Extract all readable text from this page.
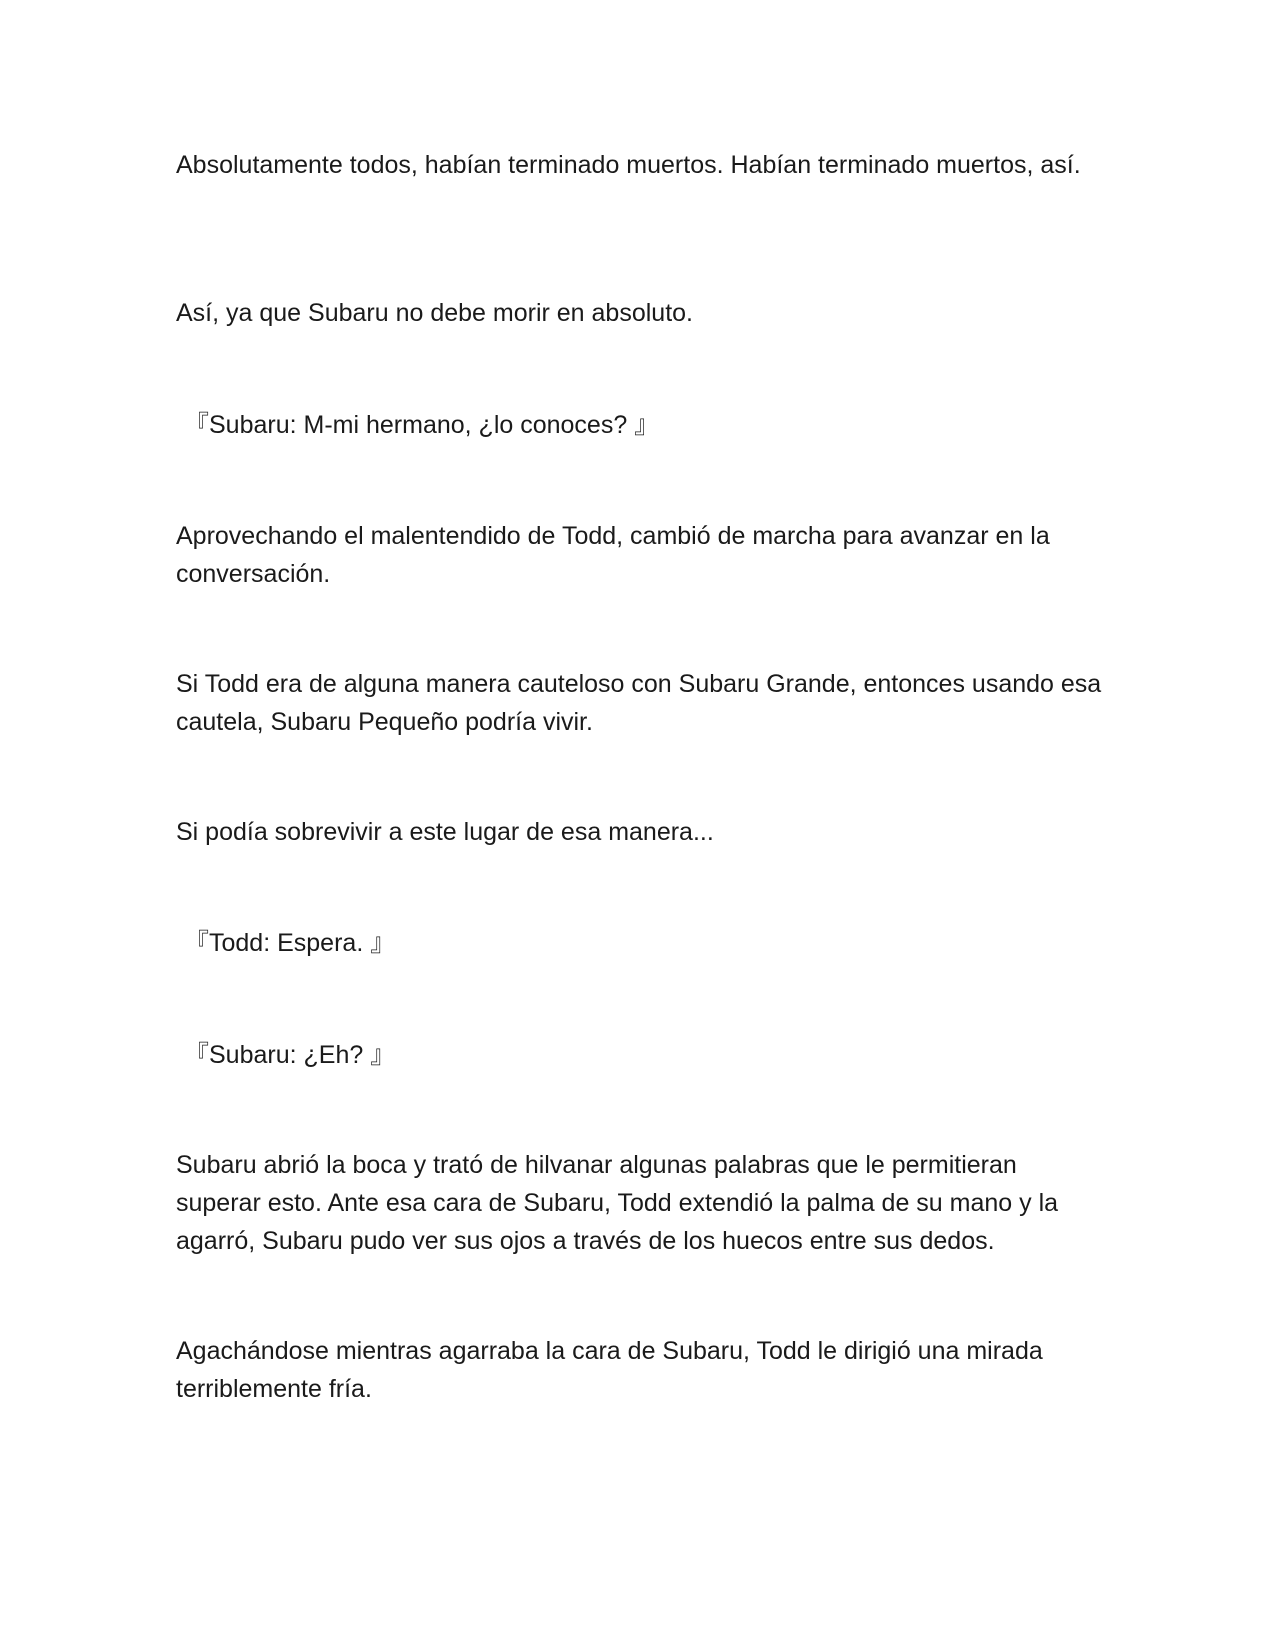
Absolutamente todos, habían terminado muertos. Habían terminado muertos, así.

Así, ya que Subaru no debe morir en absoluto.

『Subaru: M-mi hermano, ¿lo conoces? 』

Aprovechando el malentendido de Todd, cambió de marcha para avanzar en la conversación.

Si Todd era de alguna manera cauteloso con Subaru Grande, entonces usando esa cautela, Subaru Pequeño podría vivir.

Si podía sobrevivir a este lugar de esa manera...

『Todd: Espera. 』

『Subaru: ¿Eh? 』

Subaru abrió la boca y trató de hilvanar algunas palabras que le permitieran superar esto. Ante esa cara de Subaru, Todd extendió la palma de su mano y la agarró, Subaru pudo ver sus ojos a través de los huecos entre sus dedos.

Agachándose mientras agarraba la cara de Subaru, Todd le dirigió una mirada terriblemente fría.
